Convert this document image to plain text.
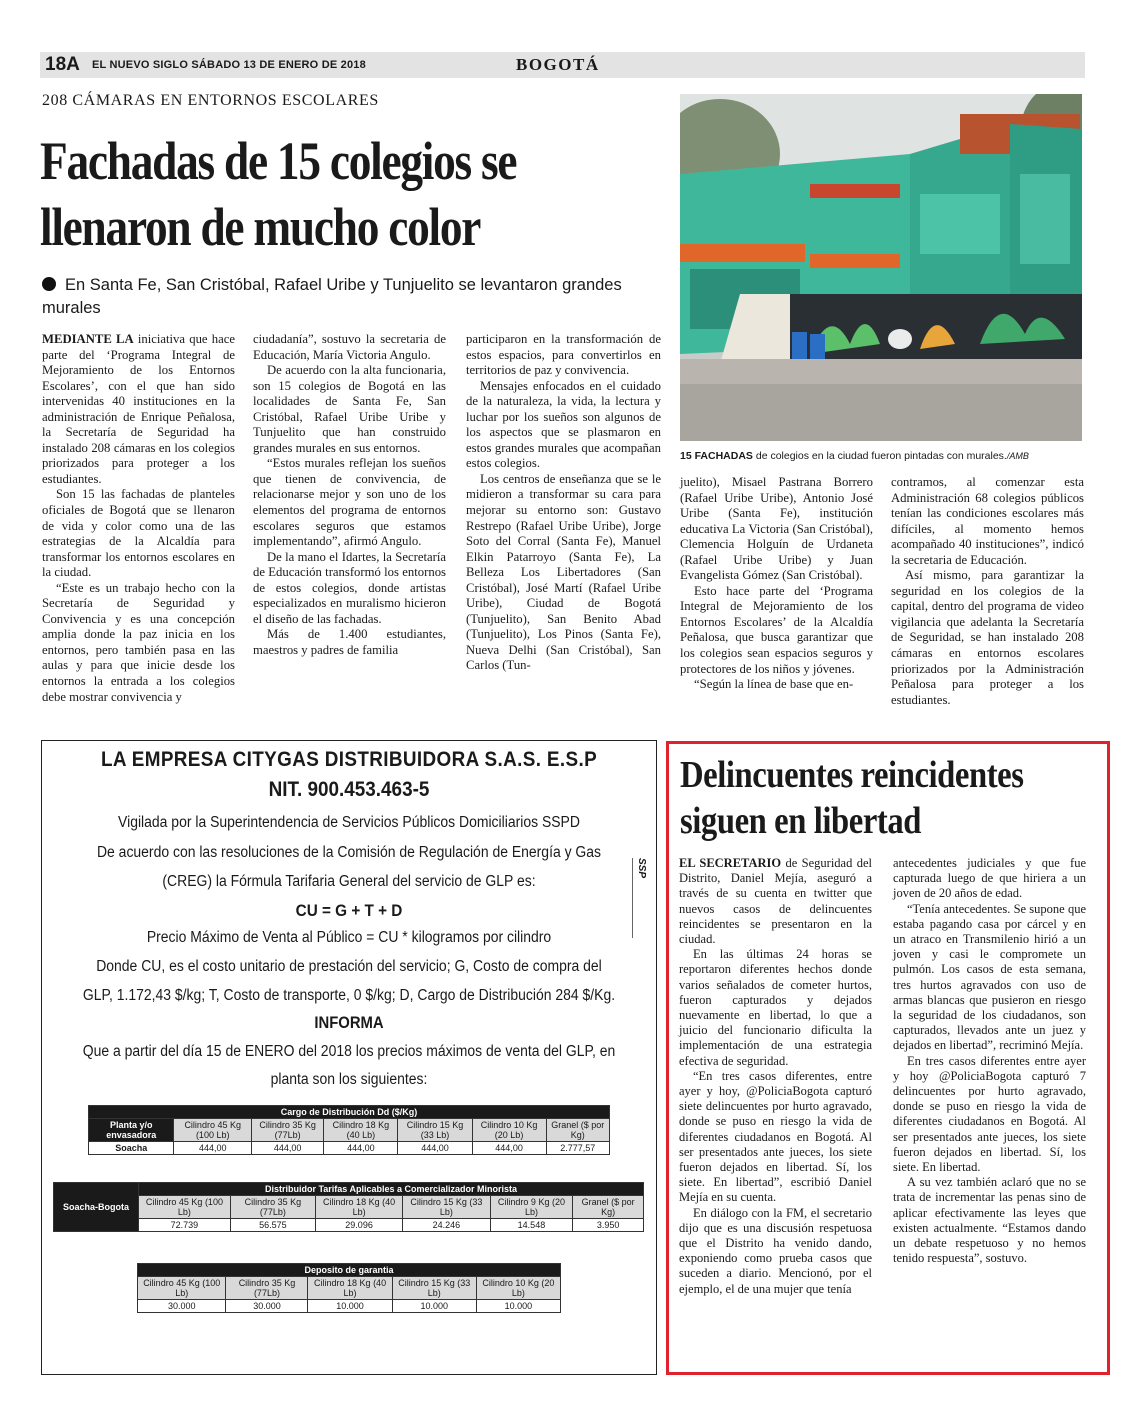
18A EL NUEVO SIGLO SÁBADO 13 DE ENERO DE 2018	BOGOTÁ
208 CÁMARAS EN ENTORNOS ESCOLARES
Fachadas de 15 colegios se
llenaron de mucho color
En Santa Fe, San Cristóbal, Rafael Uribe y Tunjuelito se levantaron grandes murales

MEDIANTE LA iniciativa que hace parte del ‘Programa Integral de Mejoramiento de los Entornos Escolares’, con el que han sido intervenidas 40 instituciones en la administración de Enrique Peñalosa, la Secretaría de Seguridad ha instalado 208 cámaras en los colegios priorizados para proteger a los estudiantes.

Son 15 las fachadas de planteles oficiales de Bogotá que se llenaron de vida y color como una de las estrategias de la Alcaldía para transformar los entornos escolares en la ciudad.

“Este es un trabajo hecho con la Secretaría de Seguridad y Convivencia y es una concepción amplia donde la paz inicia en los entornos, pero también pasa en las aulas y para que inicie desde los entornos la entrada a los colegios debe mostrar convivencia y

ciudadanía”, sostuvo la secretaria de Educación, María Victoria Angulo.

De acuerdo con la alta funcionaria, son 15 colegios de Bogotá en las localidades de Santa Fe, San Cristóbal, Rafael Uribe Uribe y Tunjuelito que han construido grandes murales en sus entornos.

“Estos murales reflejan los sueños que tienen de convivencia, de relacionarse mejor y son uno de los elementos del programa de entornos escolares seguros que estamos implementando”, afirmó Angulo.

De la mano el Idartes, la Secretaría de Educación transformó los entornos de estos colegios, donde artistas especializados en muralismo hicieron el diseño de las fachadas.

Más de 1.400 estudiantes, maestros y padres de familia

participaron en la transformación de estos espacios, para convertirlos en territorios de paz y convivencia.

Mensajes enfocados en el cuidado de la naturaleza, la vida, la lectura y luchar por los sueños son algunos de los aspectos que se plasmaron en estos grandes murales que acompañan estos colegios.

Los centros de enseñanza que se le midieron a transformar su cara para mejorar su entorno son: Gustavo Restrepo (Rafael Uribe Uribe), Jorge Soto del Corral (Santa Fe), Manuel Elkin Patarroyo (Santa Fe), La Belleza Los Libertadores (San Cristóbal), José Martí (Rafael Uribe Uribe), Ciudad de Bogotá (Tunjuelito), San Benito Abad (Tunjuelito), Los Pinos (Santa Fe), Nueva Delhi (San Cristóbal), San Carlos (Tun-

15 FACHADAS de colegios en la ciudad fueron pintadas con murales./AMB

juelito), Misael Pastrana Borrero (Rafael Uribe Uribe), Antonio José Uribe (Santa Fe), institución educativa La Victoria (San Cristóbal), Clemencia Holguín de Urdaneta (Rafael Uribe Uribe) y Juan Evangelista Gómez (San Cristóbal).

Esto hace parte del ‘Programa Integral de Mejoramiento de los Entornos Escolares’ de la Alcaldía Peñalosa, que busca garantizar que los colegios sean espacios seguros y protectores de los niños y jóvenes.

“Según la línea de base que en-

contramos, al comenzar esta Administración 68 colegios públicos tenían las condiciones escolares más difíciles, al momento hemos acompañado 40 instituciones”, indicó la secretaria de Educación.

Así mismo, para garantizar la seguridad en los colegios de la capital, dentro del programa de video vigilancia que adelanta la Secretaría de Seguridad, se han instalado 208 cámaras en entornos escolares priorizados por la Administración Peñalosa para proteger a los estudiantes.

LA EMPRESA CITYGAS DISTRIBUIDORA S.A.S. E.S.P
NIT. 900.453.463-5
Vigilada por la Superintendencia de Servicios Públicos Domiciliarios SSPD
De acuerdo con las resoluciones de la Comisión de Regulación de Energía y Gas
(CREG) la Fórmula Tarifaria General del servicio de GLP es:
CU = G + T + D
Precio Máximo de Venta al Público = CU * kilogramos por cilindro
Donde CU, es el costo unitario de prestación del servicio; G, Costo de compra del
GLP, 1.172,43 $/kg; T, Costo de transporte, 0 $/kg; D, Cargo de Distribución 284 $/Kg.
INFORMA
Que a partir del día 15 de ENERO del 2018 los precios máximos de venta del GLP, en
planta son los siguientes:
SSP
Cargo de Distribución Dd ($/Kg)						
Planta y/o envasadora	Cilindro 45 Kg (100 Lb)	Cilindro 35 Kg (77Lb)	Cilindro 18 Kg (40 Lb)	Cilindro 15 Kg (33 Lb)	Cilindro 10 Kg (20 Lb)	Granel ($ por Kg)
Soacha	444,00	444,00	444,00	444,00	444,00	2.777,57
Soacha-Bogota	Distribuidor Tarifas Aplicables a Comercializador Minorista					
	Cilindro 45 Kg (100 Lb)	Cilindro 35 Kg (77Lb)	Cilindro 18 Kg (40 Lb)	Cilindro 15 Kg (33 Lb)	Cilindro 9 Kg (20 Lb)	Granel ($ por Kg)
	72.739	56.575	29.096	24.246	14.548	3.950
Deposito de garantia				
Cilindro 45 Kg (100 Lb)	Cilindro 35 Kg (77Lb)	Cilindro 18 Kg (40 Lb)	Cilindro 15 Kg (33 Lb)	Cilindro 10 Kg (20 Lb)
30.000	30.000	10.000	10.000	10.000
Delincuentes reincidentes
siguen en libertad

EL SECRETARIO de Seguridad del Distrito, Daniel Mejía, aseguró a través de su cuenta en twitter que nuevos casos de delincuentes reincidentes se presentaron en la ciudad.

En las últimas 24 horas se reportaron diferentes hechos donde varios señalados de cometer hurtos, fueron capturados y dejados nuevamente en libertad, lo que a juicio del funcionario dificulta la implementación de una estrategia efectiva de seguridad.

“En tres casos diferentes, entre ayer y hoy, @PoliciaBogota capturó siete delincuentes por hurto agravado, donde se puso en riesgo la vida de diferentes ciudadanos en Bogotá. Al ser presentados ante jueces, los siete fueron dejados en libertad. Sí, los siete. En libertad”, escribió Daniel Mejía en su cuenta.

En diálogo con la FM, el secretario dijo que es una discusión respetuosa que el Distrito ha venido dando, exponiendo como prueba casos que suceden a diario. Mencionó, por el ejemplo, el de una mujer que tenía

antecedentes judiciales y que fue capturada luego de que hiriera a un joven de 20 años de edad.

“Tenía antecedentes. Se supone que estaba pagando casa por cárcel y en un atraco en Transmilenio hirió a un joven y casi le compromete un pulmón. Los casos de esta semana, tres hurtos agravados con uso de armas blancas que pusieron en riesgo la seguridad de los ciudadanos, son capturados, llevados ante un juez y dejados en libertad”, recriminó Mejía.

En tres casos diferentes entre ayer y hoy @PoliciaBogota capturó 7 delincuentes por hurto agravado, donde se puso en riesgo la vida de diferentes ciudadanos en Bogotá. Al ser presentados ante jueces, los siete fueron dejados en libertad. Sí, los siete. En libertad.

A su vez también aclaró que no se trata de incrementar las penas sino de aplicar efectivamente las leyes que existen actualmente. “Estamos dando un debate respetuoso y no hemos tenido respuesta”, sostuvo.
